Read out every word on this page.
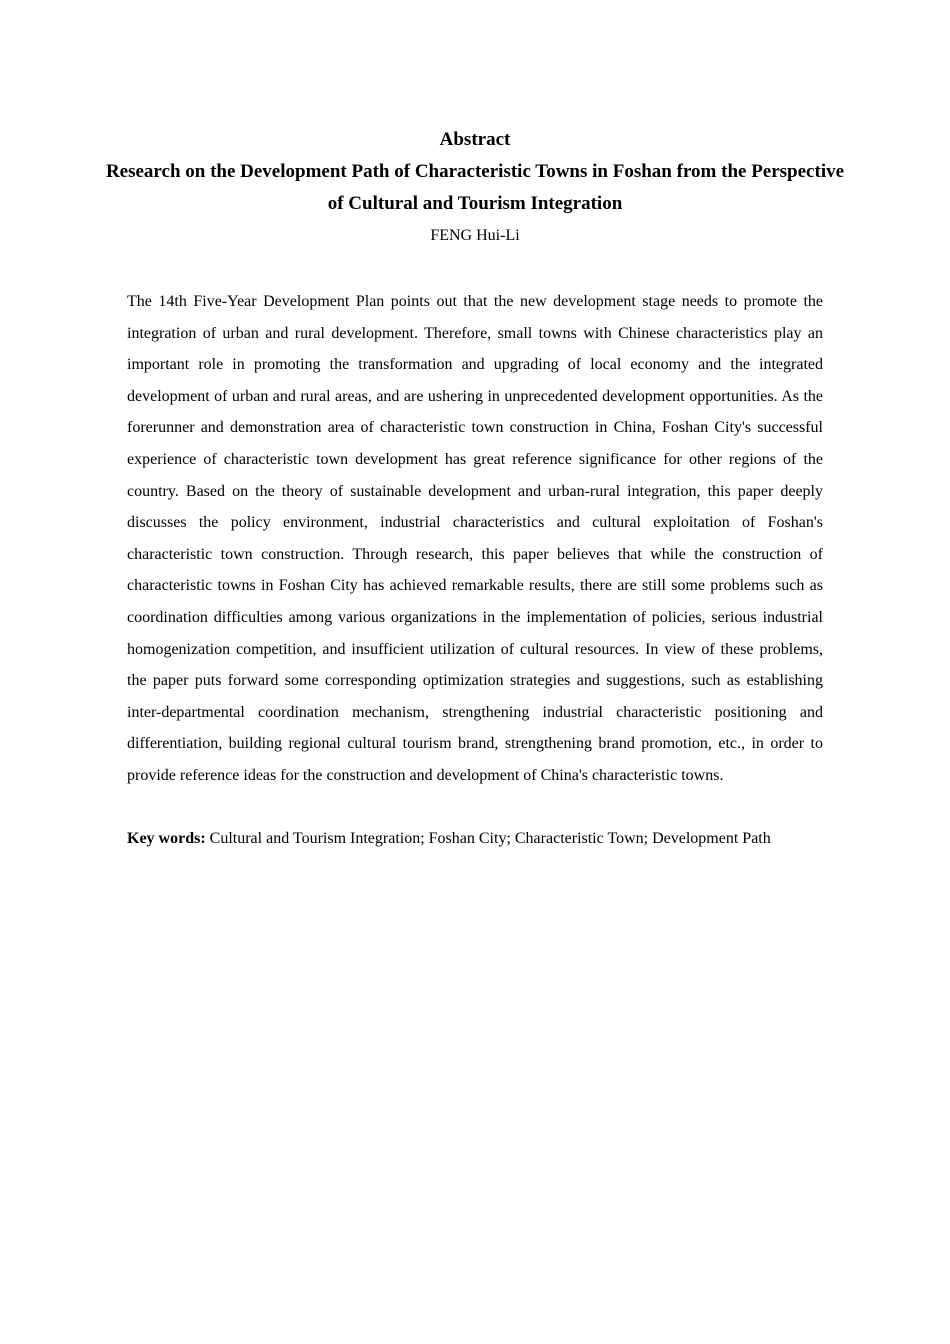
Abstract
Research on the Development Path of Characteristic Towns in Foshan from the Perspective of Cultural and Tourism Integration
FENG Hui-Li
The 14th Five-Year Development Plan points out that the new development stage needs to promote the integration of urban and rural development. Therefore, small towns with Chinese characteristics play an important role in promoting the transformation and upgrading of local economy and the integrated development of urban and rural areas, and are ushering in unprecedented development opportunities. As the forerunner and demonstration area of characteristic town construction in China, Foshan City's successful experience of characteristic town development has great reference significance for other regions of the country. Based on the theory of sustainable development and urban-rural integration, this paper deeply discusses the policy environment, industrial characteristics and cultural exploitation of Foshan's characteristic town construction. Through research, this paper believes that while the construction of characteristic towns in Foshan City has achieved remarkable results, there are still some problems such as coordination difficulties among various organizations in the implementation of policies, serious industrial homogenization competition, and insufficient utilization of cultural resources. In view of these problems, the paper puts forward some corresponding optimization strategies and suggestions, such as establishing inter-departmental coordination mechanism, strengthening industrial characteristic positioning and differentiation, building regional cultural tourism brand, strengthening brand promotion, etc., in order to provide reference ideas for the construction and development of China's characteristic towns.
Key words: Cultural and Tourism Integration; Foshan City; Characteristic Town; Development Path
